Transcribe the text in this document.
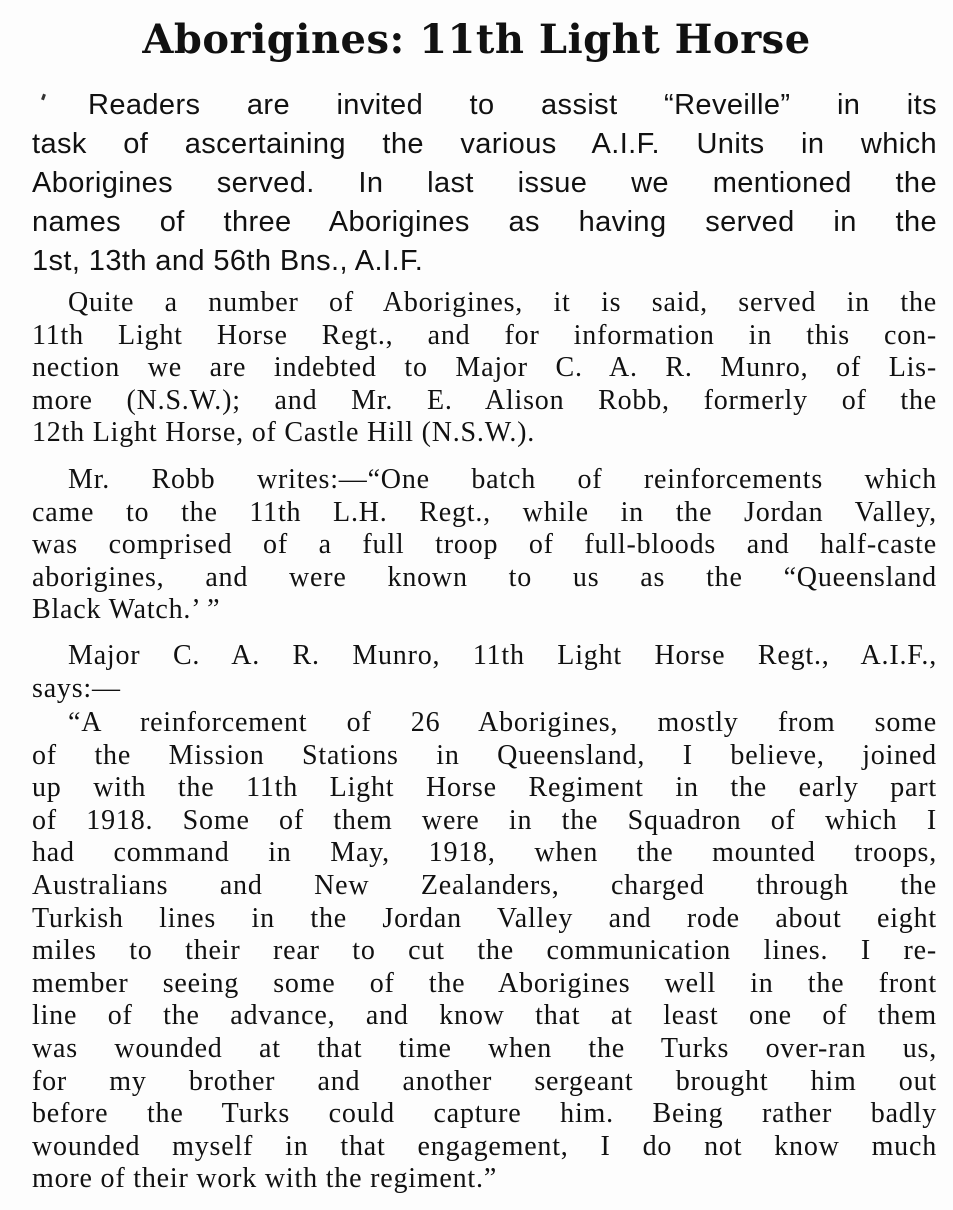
Aborigines: 11th Light Horse
Readers are invited to assist “Reveille” in its
task of ascertaining the various A.I.F. Units in which
Aborigines served. In last issue we mentioned the
names of three Aborigines as having served in the
1st, 13th and 56th Bns., A.I.F.
Quite a number of Aborigines, it is said, served in the
11th Light Horse Regt., and for information in this con-
nection we are indebted to Major C. A. R. Munro, of Lis-
more (N.S.W.); and Mr. E. Alison Robb, formerly of the
12th Light Horse, of Castle Hill (N.S.W.).
Mr. Robb writes:—“One batch of reinforcements which
came to the 11th L.H. Regt., while in the Jordan Valley,
was comprised of a full troop of full-bloods and half-caste
aborigines, and were known to us as the “Queensland
Black Watch.’ ”
Major C. A. R. Munro, 11th Light Horse Regt., A.I.F.,
says:—
“A reinforcement of 26 Aborigines, mostly from some
of the Mission Stations in Queensland, I believe, joined
up with the 11th Light Horse Regiment in the early part
of 1918. Some of them were in the Squadron of which I
had command in May, 1918, when the mounted troops,
Australians and New Zealanders, charged through the
Turkish lines in the Jordan Valley and rode about eight
miles to their rear to cut the communication lines. I re-
member seeing some of the Aborigines well in the front
line of the advance, and know that at least one of them
was wounded at that time when the Turks over-ran us,
for my brother and another sergeant brought him out
before the Turks could capture him. Being rather badly
wounded myself in that engagement, I do not know much
more of their work with the regiment.”
